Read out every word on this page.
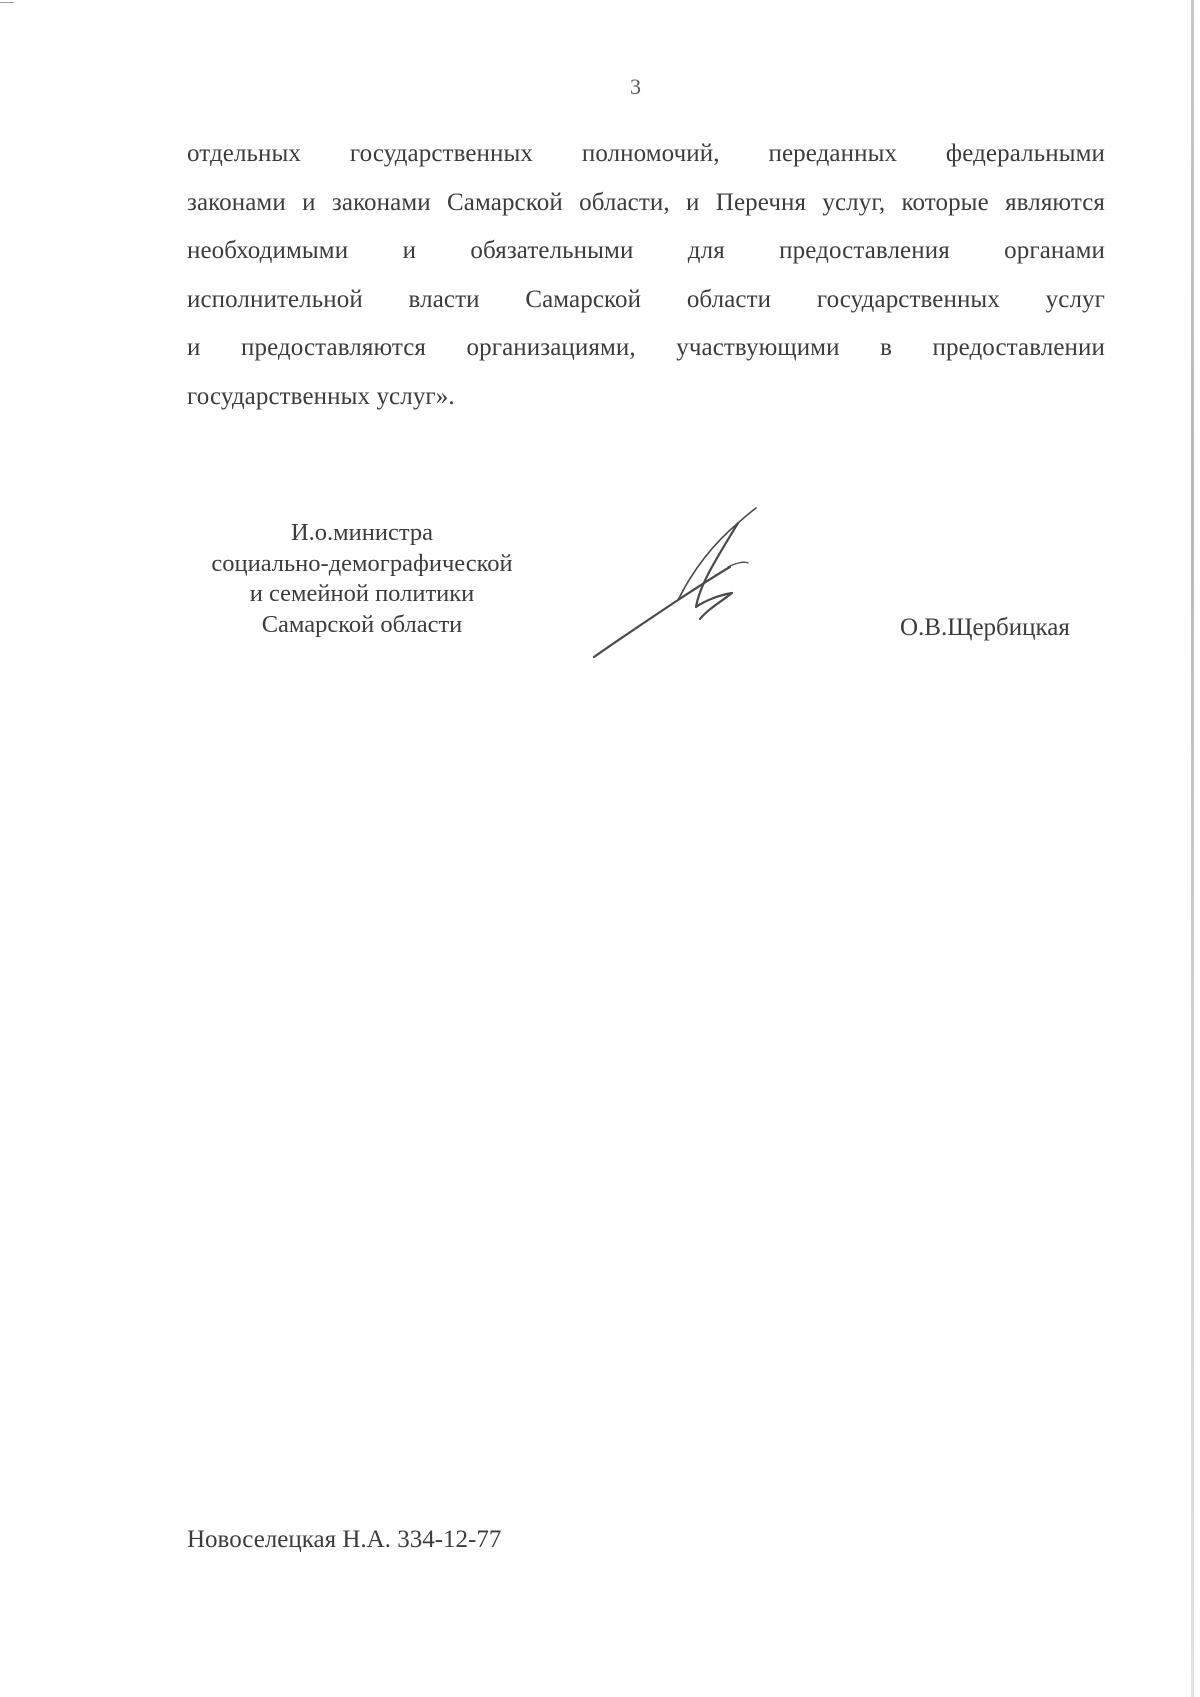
3
отдельных государственных полномочий, переданных федеральными
законами и законами Самарской области, и Перечня услуг, которые являются
необходимыми и обязательными для предоставления органами
исполнительной власти Самарской области государственных услуг
и предоставляются организациями, участвующими в предоставлении
государственных услуг».
И.о.министра
социально-демографической
и семейной политики
Самарской области	О.В.Щербицкая
Новоселецкая Н.А. 334-12-77
